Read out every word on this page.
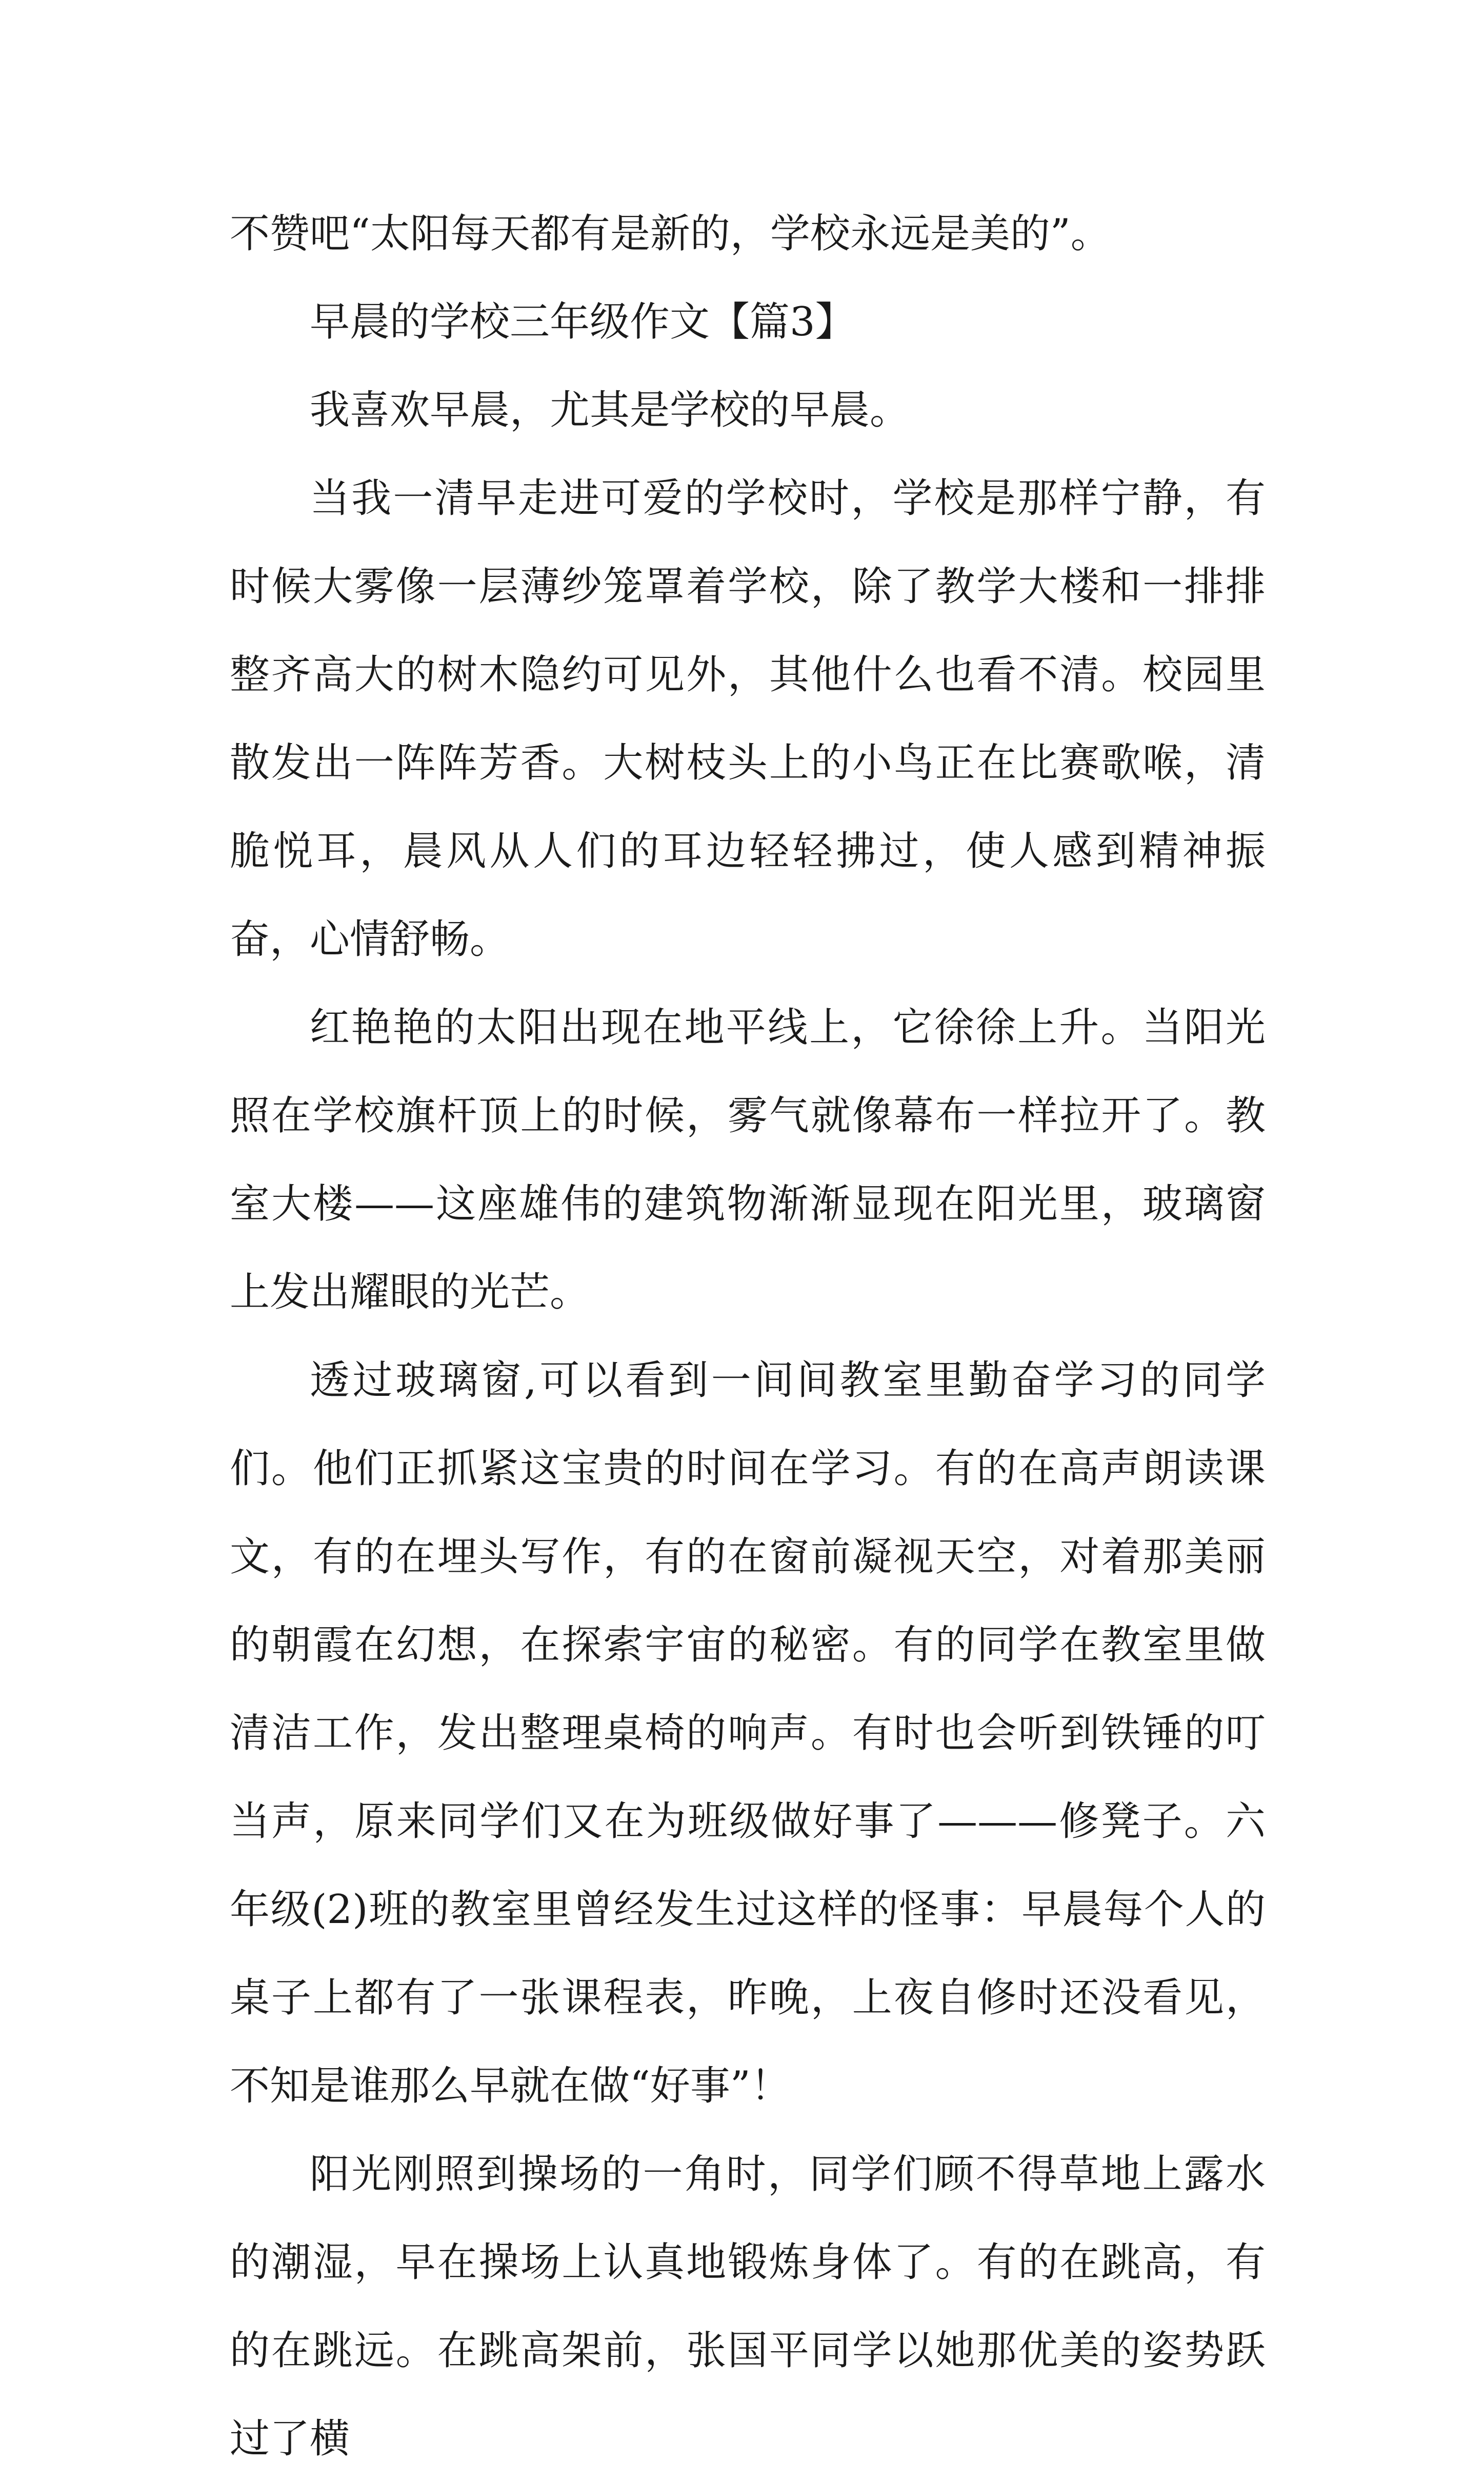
不赞吧“太阳每天都有是新的，学校永远是美的”。

早晨的学校三年级作文【篇3】

我喜欢早晨，尤其是学校的早晨。

当我一清早走进可爱的学校时，学校是那样宁静，有时候大雾像一层薄纱笼罩着学校，除了教学大楼和一排排整齐高大的树木隐约可见外，其他什么也看不清。校园里散发出一阵阵芳香。大树枝头上的小鸟正在比赛歌喉，清脆悦耳，晨风从人们的耳边轻轻拂过，使人感到精神振奋，心情舒畅。

红艳艳的太阳出现在地平线上，它徐徐上升。当阳光照在学校旗杆顶上的时候，雾气就像幕布一样拉开了。教室大楼——这座雄伟的建筑物渐渐显现在阳光里，玻璃窗上发出耀眼的光芒。

透过玻璃窗,可以看到一间间教室里勤奋学习的同学们。他们正抓紧这宝贵的时间在学习。有的在高声朗读课文，有的在埋头写作，有的在窗前凝视天空，对着那美丽的朝霞在幻想，在探索宇宙的秘密。有的同学在教室里做清洁工作，发出整理桌椅的响声。有时也会听到铁锤的叮当声，原来同学们又在为班级做好事了———修凳子。六年级(2)班的教室里曾经发生过这样的怪事：早晨每个人的桌子上都有了一张课程表，昨晚，上夜自修时还没看见，不知是谁那么早就在做“好事”！

阳光刚照到操场的一角时，同学们顾不得草地上露水的潮湿，早在操场上认真地锻炼身体了。有的在跳高，有的在跳远。在跳高架前，张国平同学以她那优美的姿势跃过了横
